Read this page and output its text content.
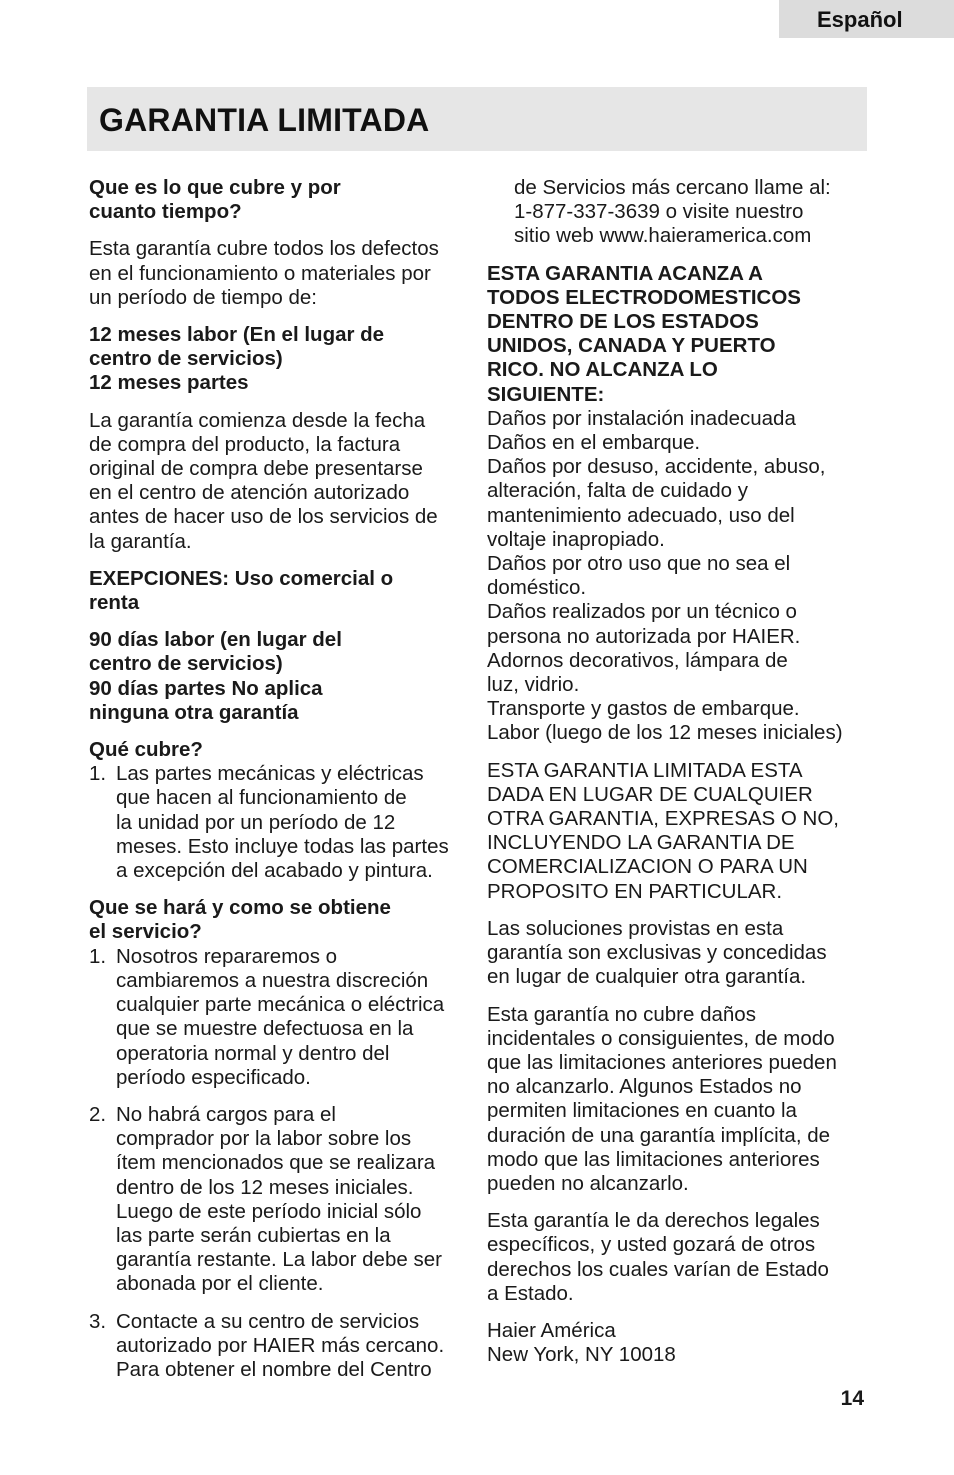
Español
GARANTIA LIMITADA

Que es lo que cubre y por
cuanto tiempo?

Esta garantía cubre todos los defectos
en el funcionamiento o materiales por
un período de tiempo de:

12 meses labor (En el lugar de
centro de servicios)
12 meses partes

La garantía comienza desde la fecha
de compra del producto, la factura
original de compra debe presentarse
en el centro de atención autorizado
antes de hacer uso de los servicios de
la garantía.

EXEPCIONES: Uso comercial o
renta

90 días labor (en lugar del
centro de servicios)
90 días partes No aplica
ninguna otra garantía

Qué cubre?

1. Las partes mecánicas y eléctricas
que hacen al funcionamiento de
la unidad por un período de 12
meses. Esto incluye todas las partes
a excepción del acabado y pintura.

Que se hará y como se obtiene
el servicio?

1. Nosotros repararemos o
cambiaremos a nuestra discreción
cualquier parte mecánica o eléctrica
que se muestre defectuosa en la
operatoria normal y dentro del
período especificado.
2. No habrá cargos para el
comprador por la labor sobre los
ítem mencionados que se realizara
dentro de los 12 meses iniciales.
Luego de este período inicial sólo
las parte serán cubiertas en la
garantía restante. La labor debe ser
abonada por el cliente.
3. Contacte a su centro de servicios
autorizado por HAIER más cercano.
Para obtener el nombre del Centro

de Servicios más cercano llame al:
1-877-337-3639 o visite nuestro
sitio web www.haieramerica.com

ESTA GARANTIA ACANZA A
TODOS ELECTRODOMESTICOS
DENTRO DE LOS ESTADOS
UNIDOS, CANADA Y PUERTO
RICO. NO ALCANZA LO
SIGUIENTE:

Daños por instalación inadecuada
Daños en el embarque.
Daños por desuso, accidente, abuso,
alteración, falta de cuidado y
mantenimiento adecuado, uso del
voltaje inapropiado.
Daños por otro uso que no sea el
doméstico.
Daños realizados por un técnico o
persona no autorizada por HAIER.
Adornos decorativos, lámpara de
luz, vidrio.
Transporte y gastos de embarque.
Labor (luego de los 12 meses iniciales)

ESTA GARANTIA LIMITADA ESTA
DADA EN LUGAR DE CUALQUIER
OTRA GARANTIA, EXPRESAS O NO,
INCLUYENDO LA GARANTIA DE
COMERCIALIZACION O PARA UN
PROPOSITO EN PARTICULAR.

Las soluciones provistas en esta
garantía son exclusivas y concedidas
en lugar de cualquier otra garantía.

Esta garantía no cubre daños
incidentales o consiguientes, de modo
que las limitaciones anteriores pueden
no alcanzarlo. Algunos Estados no
permiten limitaciones en cuanto la
duración de una garantía implícita, de
modo que las limitaciones anteriores
pueden no alcanzarlo.

Esta garantía le da derechos legales
específicos, y usted gozará de otros
derechos los cuales varían de Estado
a Estado.

Haier América
New York, NY 10018

14
